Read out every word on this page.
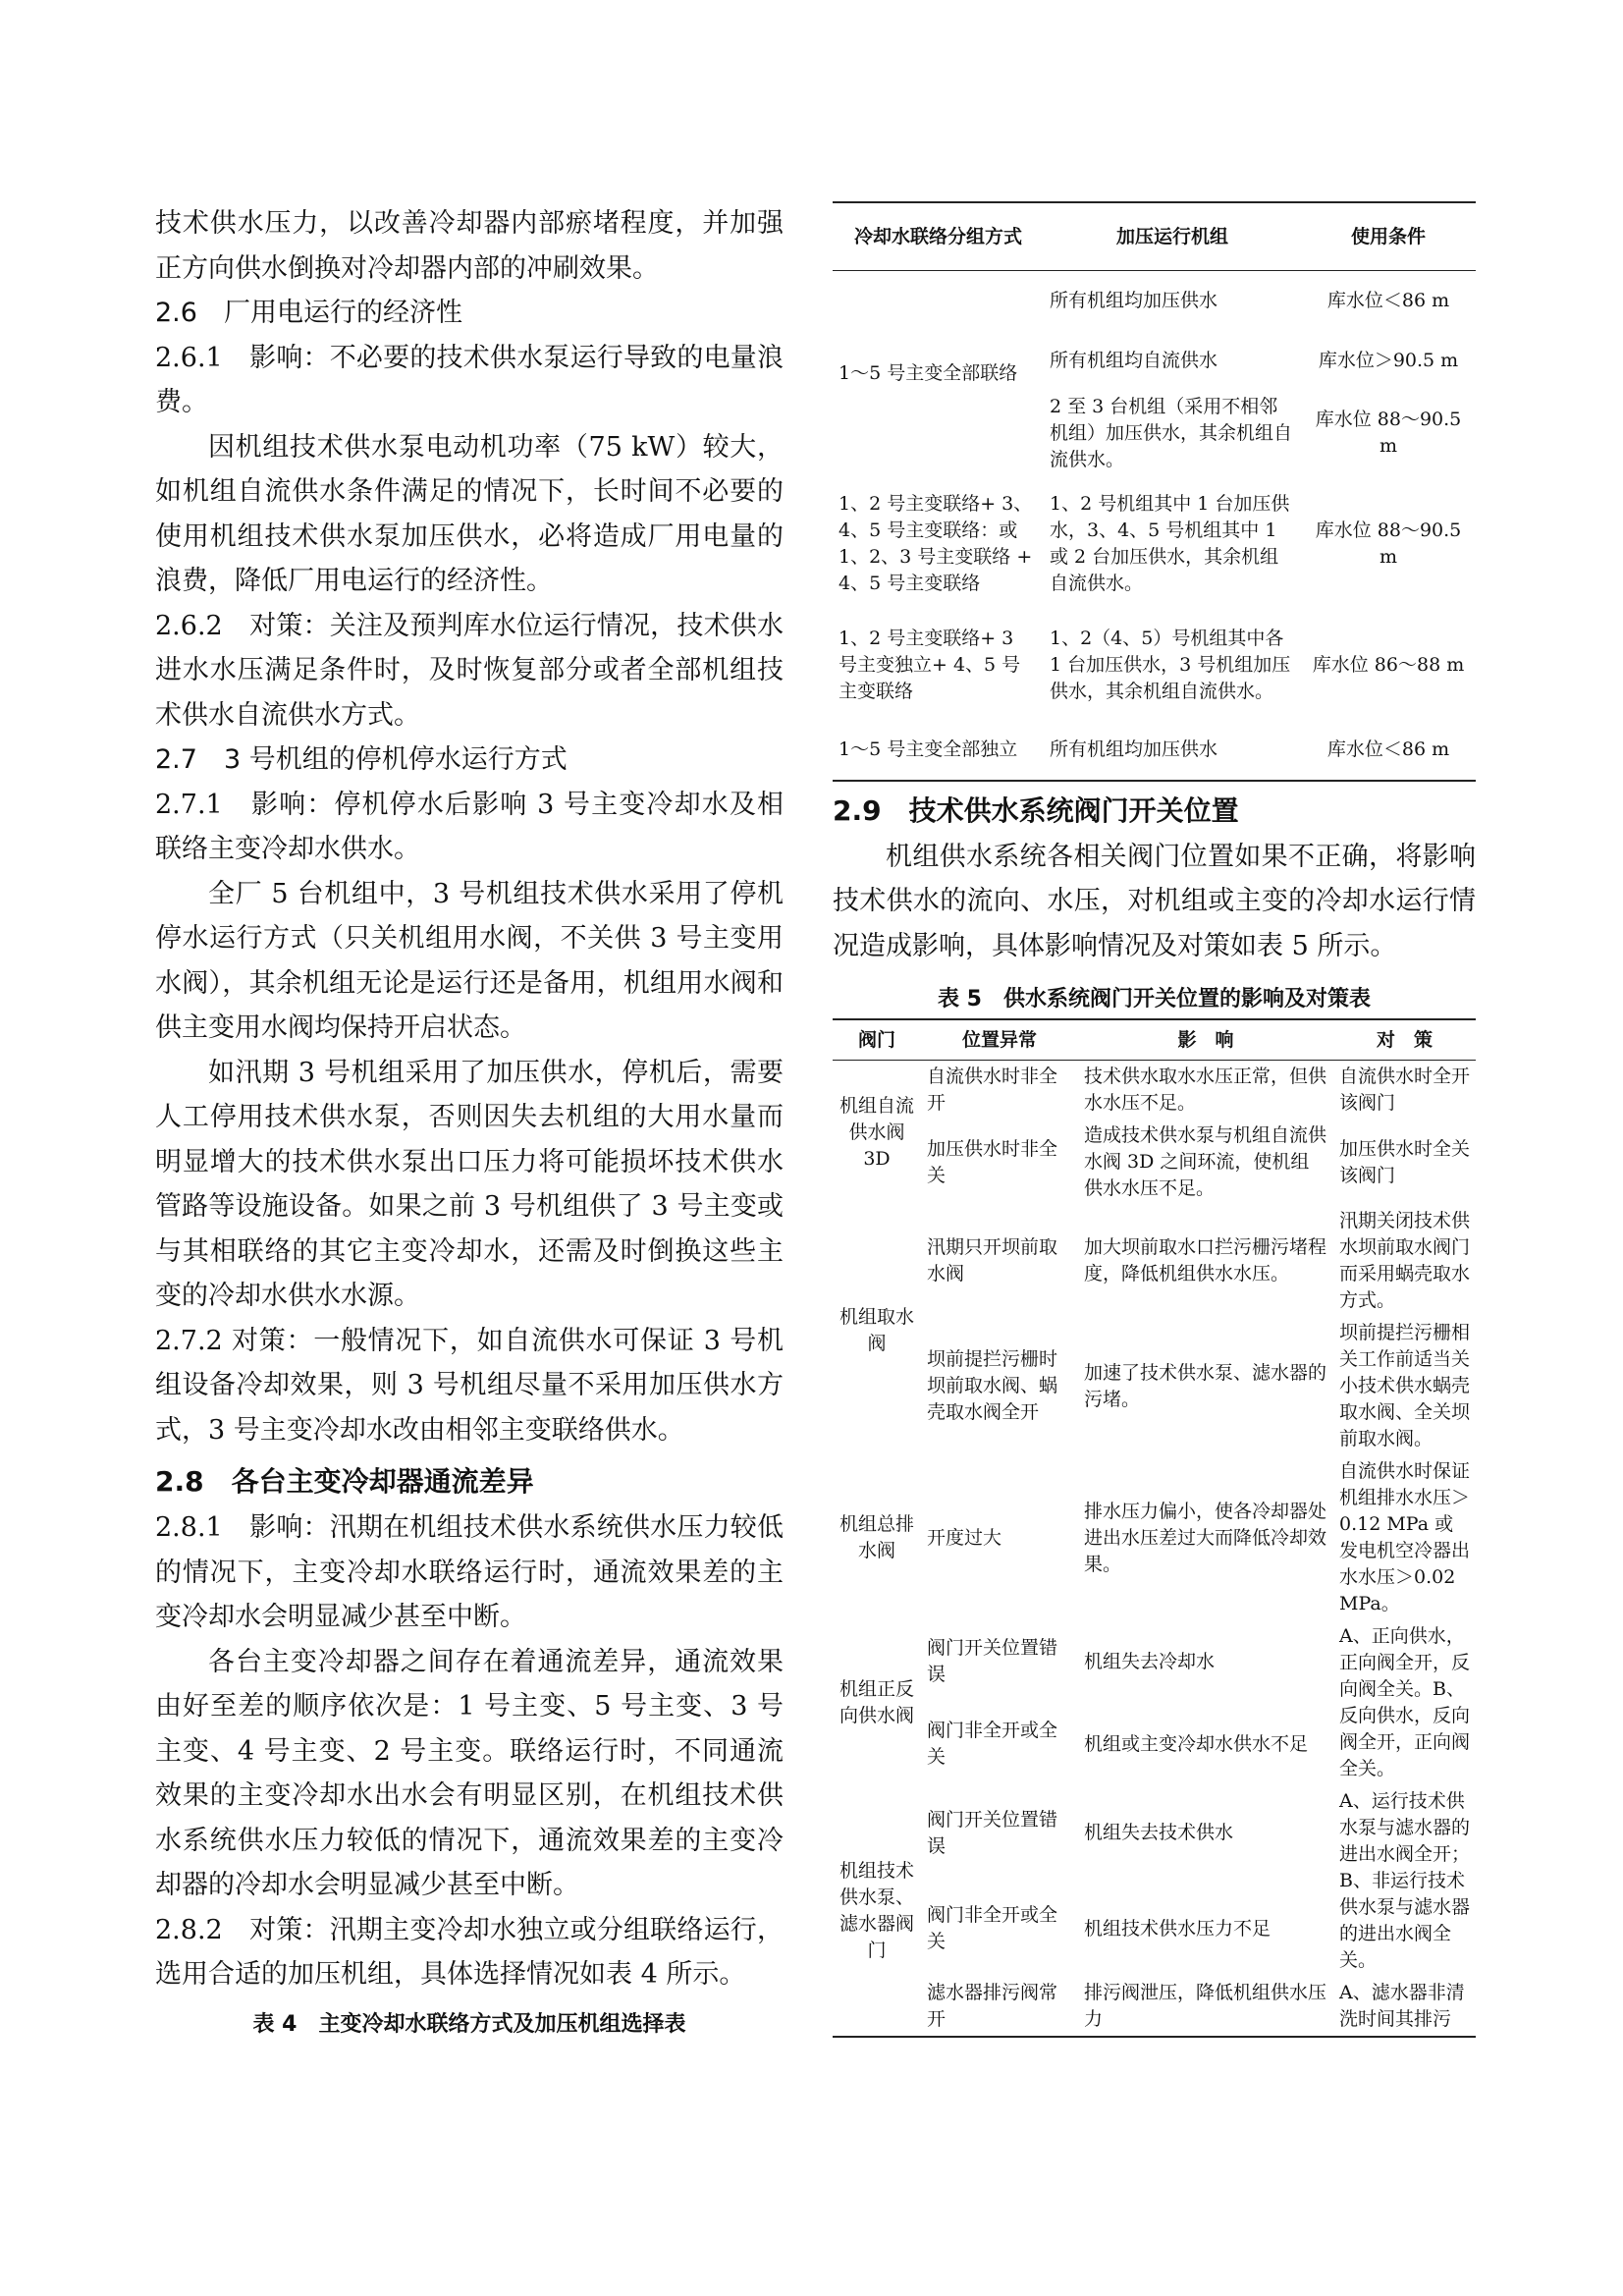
技术供水压力，以改善冷却器内部瘀堵程度，并加强正方向供水倒换对冷却器内部的冲刷效果。

2.6　厂用电运行的经济性

2.6.1　影响：不必要的技术供水泵运行导致的电量浪费。

因机组技术供水泵电动机功率（75 kW）较大，如机组自流供水条件满足的情况下，长时间不必要的使用机组技术供水泵加压供水，必将造成厂用电量的浪费，降低厂用电运行的经济性。

2.6.2　对策：关注及预判库水位运行情况，技术供水进水水压满足条件时，及时恢复部分或者全部机组技术供水自流供水方式。

2.7　3 号机组的停机停水运行方式

2.7.1　影响：停机停水后影响 3 号主变冷却水及相联络主变冷却水供水。

全厂 5 台机组中，3 号机组技术供水采用了停机停水运行方式（只关机组用水阀，不关供 3 号主变用水阀），其余机组无论是运行还是备用，机组用水阀和供主变用水阀均保持开启状态。

如汛期 3 号机组采用了加压供水，停机后，需要人工停用技术供水泵，否则因失去机组的大用水量而明显增大的技术供水泵出口压力将可能损坏技术供水管路等设施设备。如果之前 3 号机组供了 3 号主变或与其相联络的其它主变冷却水，还需及时倒换这些主变的冷却水供水水源。

2.7.2 对策：一般情况下，如自流供水可保证 3 号机组设备冷却效果，则 3 号机组尽量不采用加压供水方式，3 号主变冷却水改由相邻主变联络供水。

2.8　各台主变冷却器通流差异

2.8.1　影响：汛期在机组技术供水系统供水压力较低的情况下，主变冷却水联络运行时，通流效果差的主变冷却水会明显减少甚至中断。

各台主变冷却器之间存在着通流差异，通流效果由好至差的顺序依次是：1 号主变、5 号主变、3 号主变、4 号主变、2 号主变。联络运行时，不同通流效果的主变冷却水出水会有明显区别，在机组技术供水系统供水压力较低的情况下，通流效果差的主变冷却器的冷却水会明显减少甚至中断。

2.8.2　对策：汛期主变冷却水独立或分组联络运行，选用合适的加压机组，具体选择情况如表 4 所示。

表 4　主变冷却水联络方式及加压机组选择表

冷却水联络分组方式	加压运行机组	使用条件
1～5 号主变全部联络	所有机组均加压供水	库水位＜86 m
	所有机组均自流供水	库水位＞90.5 m
	2 至 3 台机组（采用不相邻机组）加压供水，其余机组自流供水。	库水位 88～90.5 m
1、2 号主变联络+ 3、4、5 号主变联络：或 1、2、3 号主变联络 + 4、5 号主变联络	1、2 号机组其中 1 台加压供水，3、4、5 号机组其中 1 或 2 台加压供水，其余机组自流供水。	库水位 88～90.5 m
1、2 号主变联络+ 3 号主变独立+ 4、5 号主变联络	1、2（4、5）号机组其中各 1 台加压供水，3 号机组加压供水，其余机组自流供水。	库水位 86～88 m
1～5 号主变全部独立	所有机组均加压供水	库水位＜86 m

2.9　技术供水系统阀门开关位置

机组供水系统各相关阀门位置如果不正确，将影响技术供水的流向、水压，对机组或主变的冷却水运行情况造成影响，具体影响情况及对策如表 5 所示。

表 5　供水系统阀门开关位置的影响及对策表

阀门	位置异常	影　响	对　策
机组自流供水阀 3D	自流供水时非全开	技术供水取水水压正常，但供水水压不足。	自流供水时全开该阀门
	加压供水时非全关	造成技术供水泵与机组自流供水阀 3D 之间环流，使机组供水水压不足。	加压供水时全关该阀门
机组取水阀	汛期只开坝前取水阀	加大坝前取水口拦污栅污堵程度，降低机组供水水压。	汛期关闭技术供水坝前取水阀门而采用蜗壳取水方式。
	坝前提拦污栅时坝前取水阀、蜗壳取水阀全开	加速了技术供水泵、滤水器的污堵。	坝前提拦污栅相关工作前适当关小技术供水蜗壳取水阀、全关坝前取水阀。
机组总排水阀	开度过大	排水压力偏小，使各冷却器处进出水压差过大而降低冷却效果。	自流供水时保证机组排水水压＞0.12 MPa 或发电机空冷器出水水压＞0.02 MPa。
机组正反向供水阀	阀门开关位置错误	机组失去冷却水	A、正向供水，正向阀全开，反向阀全关。B、反向供水，反向阀全开，正向阀全关。
	阀门非全开或全关	机组或主变冷却水供水不足	
机组技术供水泵、滤水器阀门	阀门开关位置错误	机组失去技术供水	A、运行技术供水泵与滤水器的进出水阀全开；B、非运行技术供水泵与滤水器的进出水阀全关。
	阀门非全开或全关	机组技术供水压力不足	
	滤水器排污阀常开	排污阀泄压，降低机组供水压力	A、滤水器非清洗时间其排污
